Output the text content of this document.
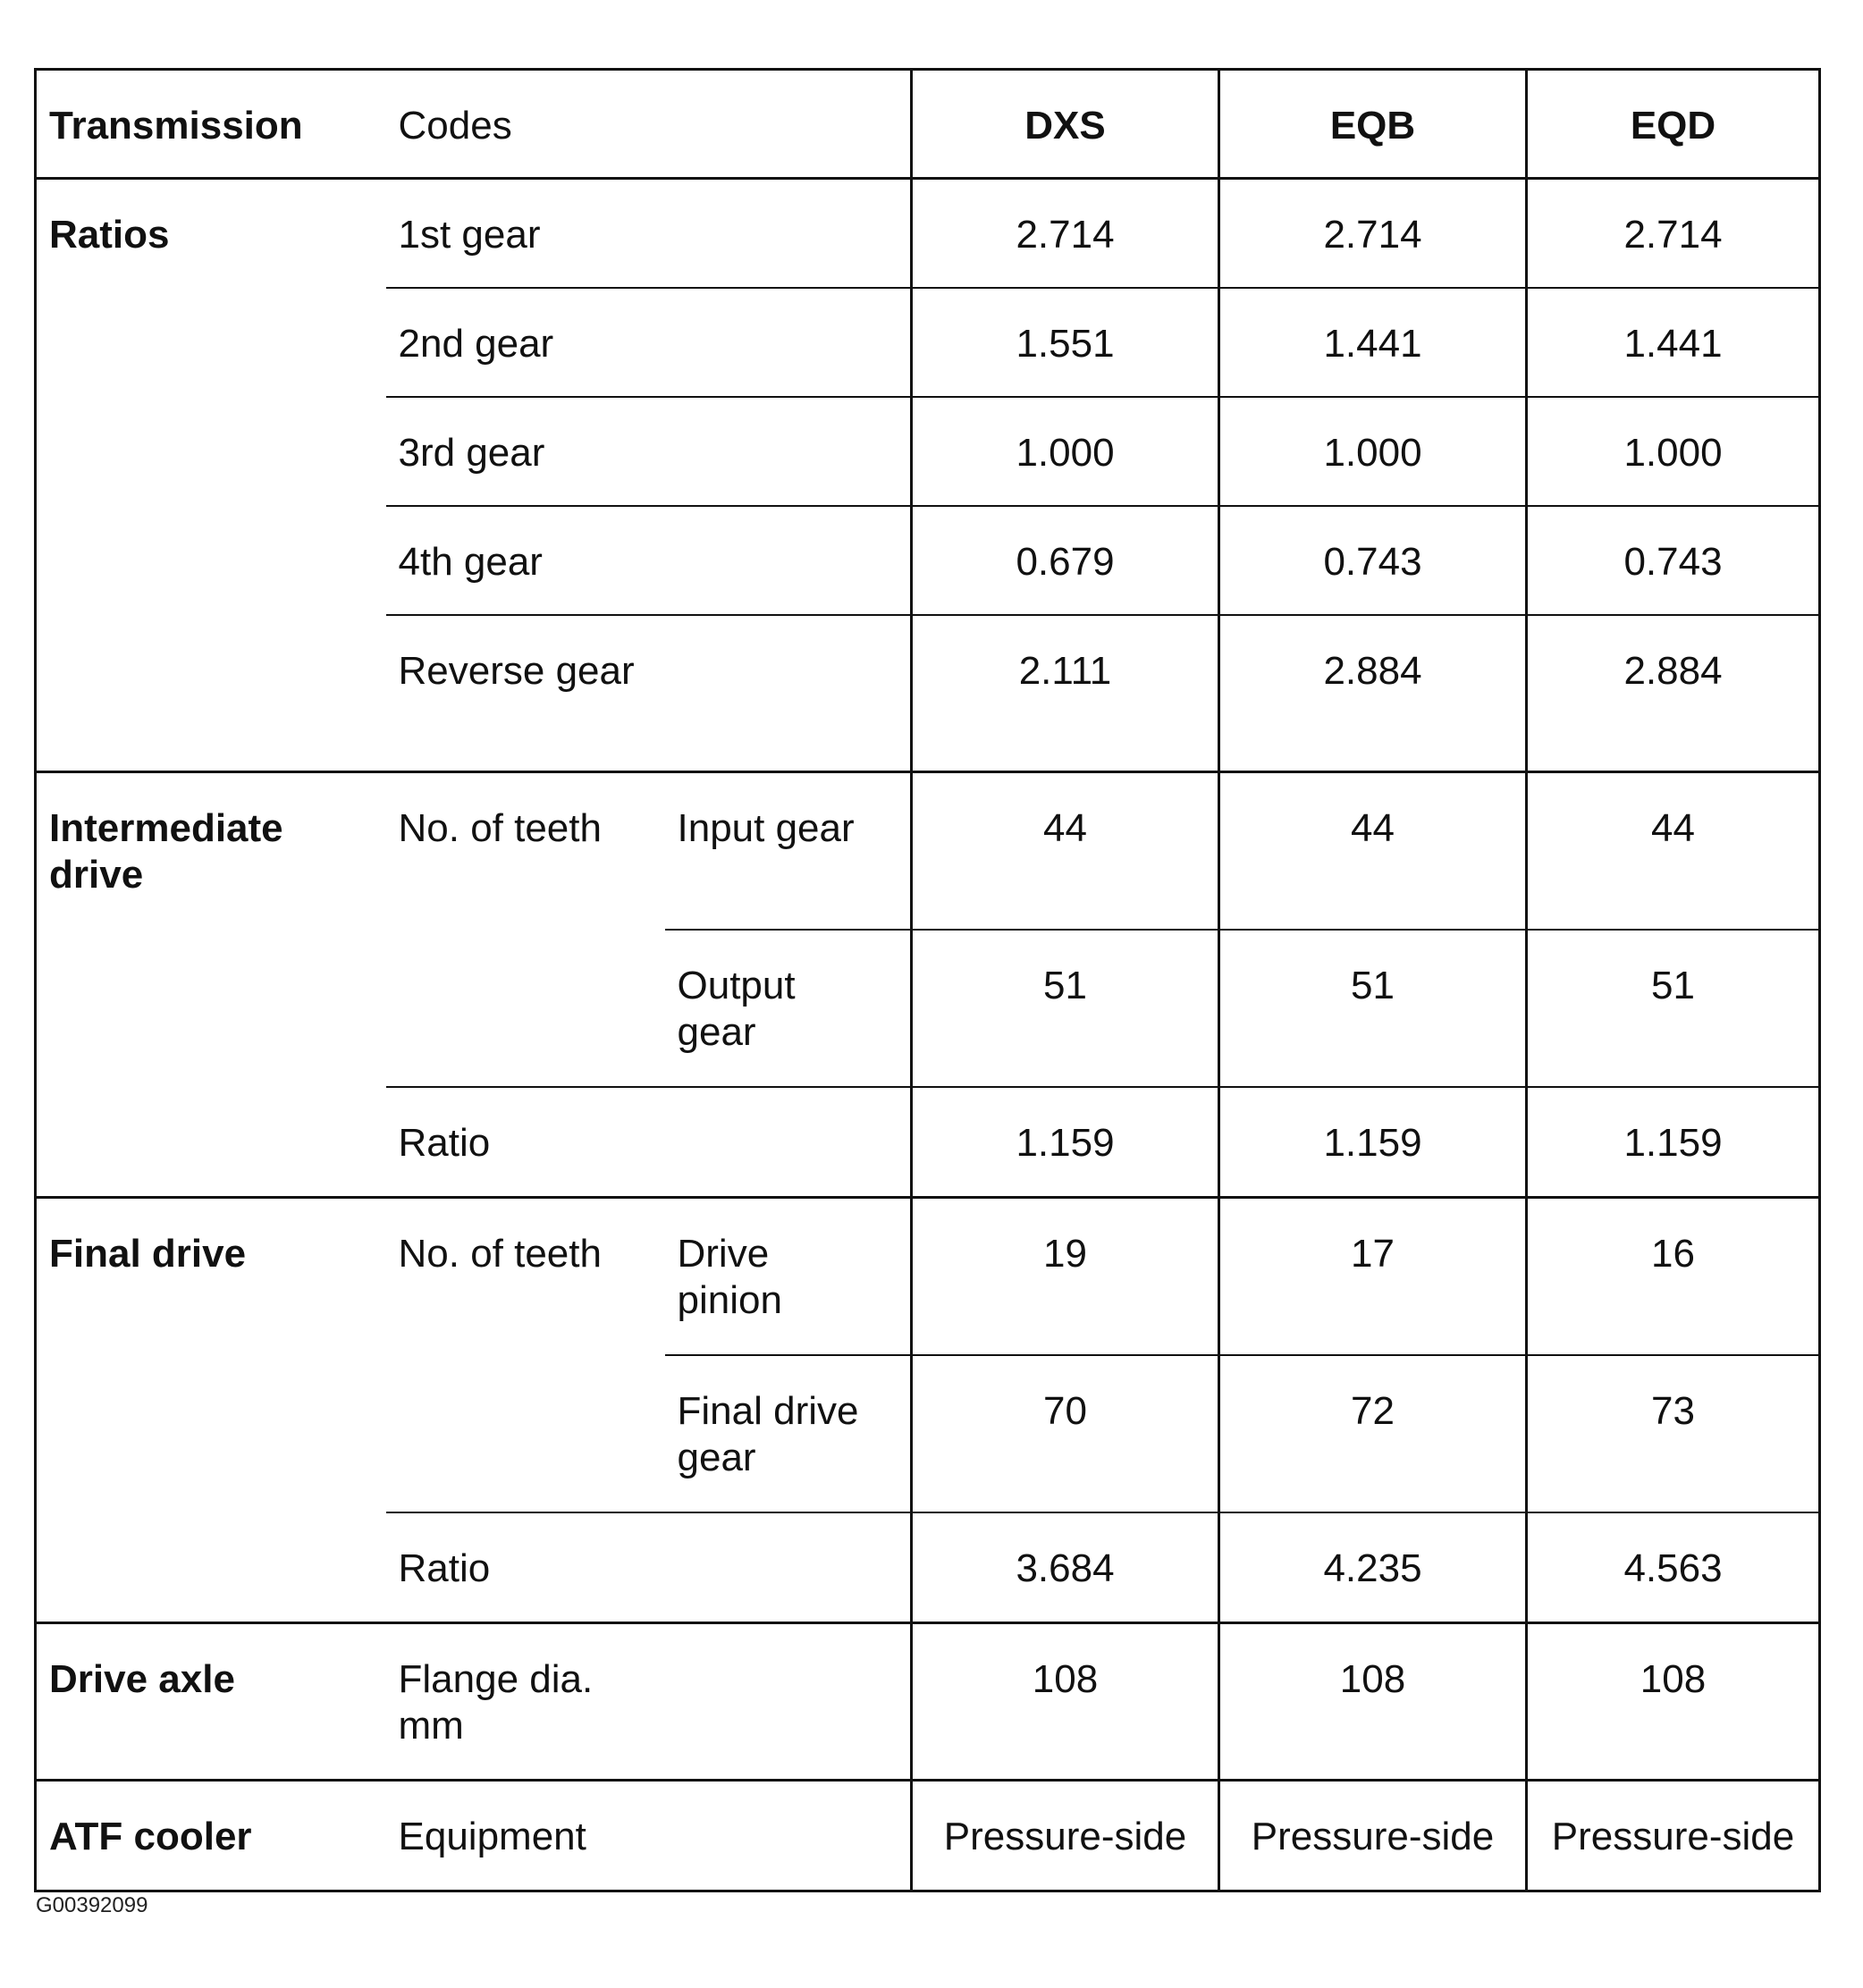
Transmission	Codes		DXS	EQB	EQD
Ratios	1st gear		2.714	2.714	2.714
	2nd gear		1.551	1.441	1.441
	3rd gear		1.000	1.000	1.000
	4th gear		0.679	0.743	0.743
	Reverse gear		2.111	2.884	2.884
Intermediate drive	No. of teeth	Input gear	44	44	44
		Output gear	51	51	51
	Ratio		1.159	1.159	1.159
Final drive	No. of teeth	Drive pinion	19	17	16
		Final drive gear	70	72	73
	Ratio		3.684	4.235	4.563
Drive axle	Flange dia. mm		108	108	108
ATF cooler	Equipment		Pressure-side	Pressure-side	Pressure-side
G00392099
